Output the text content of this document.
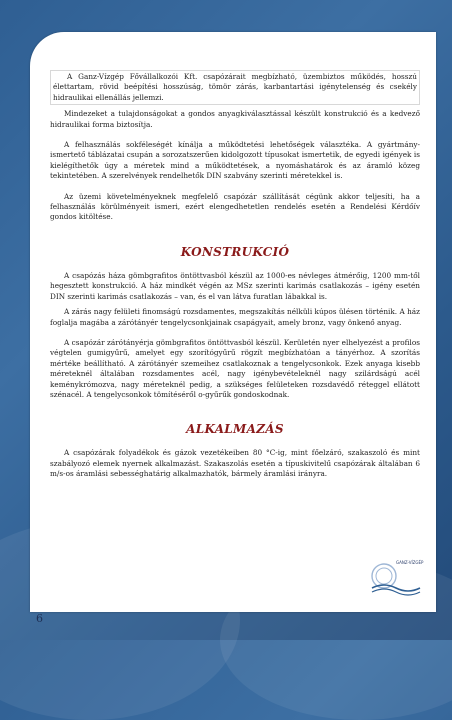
A Ganz-Vízgép Fővállalkozói Kft. csapózárait megbízható, üzembiztos működés, hosszú élettartam, rövid beépítési hosszúság, tömör zárás, karbantartási igénytelenség és csekély hidraulikai ellenállás jellemzi.

Mindezeket a tulajdonságokat a gondos anyagkiválasztással készült konstrukció és a kedvező hidraulikai forma biztosítja.

A felhasználás sokféleségét kínálja a működtetési lehetőségek választéka. A gyártmány-ismertető táblázatai csupán a sorozatszerűen kidolgozott típusokat ismertetik, de egyedi igények is kielégíthetők úgy a méretek mind a működtetések, a nyomáshatárok és az áramló közeg tekintetében. A szerelvények rendelhetők DIN szabvány szerinti méretekkel is.

Az üzemi követelményeknek megfelelő csapózár szállítását cégünk akkor teljesíti, ha a felhasználás körülményeit ismeri, ezért elengedhetetlen rendelés esetén a Rendelési Kérdőív gondos kitöltése.

KONSTRUKCIÓ

A csapózás háza gömbgrafitos öntöttvasból készül az 1000-es névleges átmérőig, 1200 mm-től hegesztett konstrukció. A ház mindkét végén az MSz szerinti karimás csatlakozás – igény esetén DIN szerinti karimás csatlakozás – van, és el van látva furatlan lábakkal is.

A zárás nagy felületi finomságú rozsdamentes, megszakítás nélküli kúpos ülésen történik. A ház foglalja magába a zárótányér tengelycsonkjainak csapágyait, amely bronz, vagy önkenő anyag.

A csapózár zárótányérja gömbgrafitos öntöttvasból készül. Kerületén nyer elhelyezést a profilos végtelen gumigyűrű, amelyet egy szorítógyűrű rögzít megbízhatóan a tányérhoz. A szorítás mértéke beállítható. A zárótányér szemeihez csatlakoznak a tengelycsonkok. Ezek anyaga kisebb méreteknél általában rozsdamentes acél, nagy igénybevételeknél nagy szilárdságú acél keménykrómozva, nagy méreteknél pedig, a szükséges felületeken rozsdavédő réteggel ellátott szénacél. A tengelycsonkok tömítéséről o-gyűrűk gondoskodnak.

ALKALMAZÁS

A csapózárak folyadékok és gázok vezetékeiben 80 °C-ig, mint főelzáró, szakaszoló és mint szabályozó elemek nyernek alkalmazást. Szakaszolás esetén a típuskivitelű csapózárak általában 6 m/s-os áramlási sebességhatárig alkalmazhatók, bármely áramlási irányra.

6
GANZ-VÍZGÉP
